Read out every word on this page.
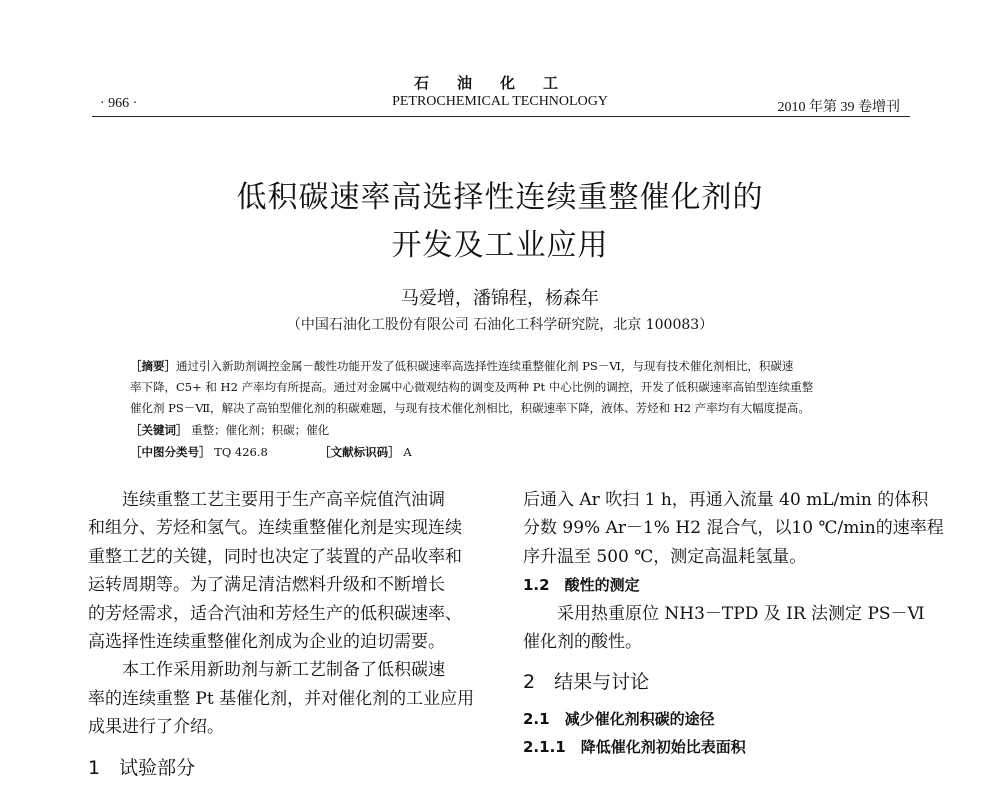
石油化工
· 966 ·	PETROCHEMICAL TECHNOLOGY	2010 年第 39 卷增刊
低积碳速率高选择性连续重整催化剂的
开发及工业应用
马爱增，潘锦程，杨森年
（中国石油化工股份有限公司 石油化工科学研究院，北京 100083）
［摘要］通过引入新助剂调控金属－酸性功能开发了低积碳速率高选择性连续重整催化剂 PS－Ⅵ，与现有技术催化剂相比，积碳速
率下降，C5+ 和 H2 产率均有所提高。通过对金属中心微观结构的调变及两种 Pt 中心比例的调控，开发了低积碳速率高铂型连续重整
催化剂 PS－Ⅶ，解决了高铂型催化剂的积碳难题，与现有技术催化剂相比，积碳速率下降，液体、芳烃和 H2 产率均有大幅度提高。
［关键词］ 重整；催化剂；积碳；催化
［中图分类号］ TQ 426.8	［文献标识码］ A

连续重整工艺主要用于生产高辛烷值汽油调

和组分、芳烃和氢气。连续重整催化剂是实现连续

重整工艺的关键，同时也决定了装置的产品收率和

运转周期等。为了满足清洁燃料升级和不断增长

的芳烃需求，适合汽油和芳烃生产的低积碳速率、

高选择性连续重整催化剂成为企业的迫切需要。

本工作采用新助剂与新工艺制备了低积碳速

率的连续重整 Pt 基催化剂，并对催化剂的工业应用

成果进行了介绍。

1　试验部分

后通入 Ar 吹扫 1 h，再通入流量 40 mL/min 的体积

分数 99% Ar－1% H2 混合气，以10 ℃/min的速率程

序升温至 500 ℃，测定高温耗氢量。

1.2　酸性的测定

采用热重原位 NH3－TPD 及 IR 法测定 PS－Ⅵ

催化剂的酸性。

2　结果与讨论

2.1　减少催化剂积碳的途径

2.1.1　降低催化剂初始比表面积
